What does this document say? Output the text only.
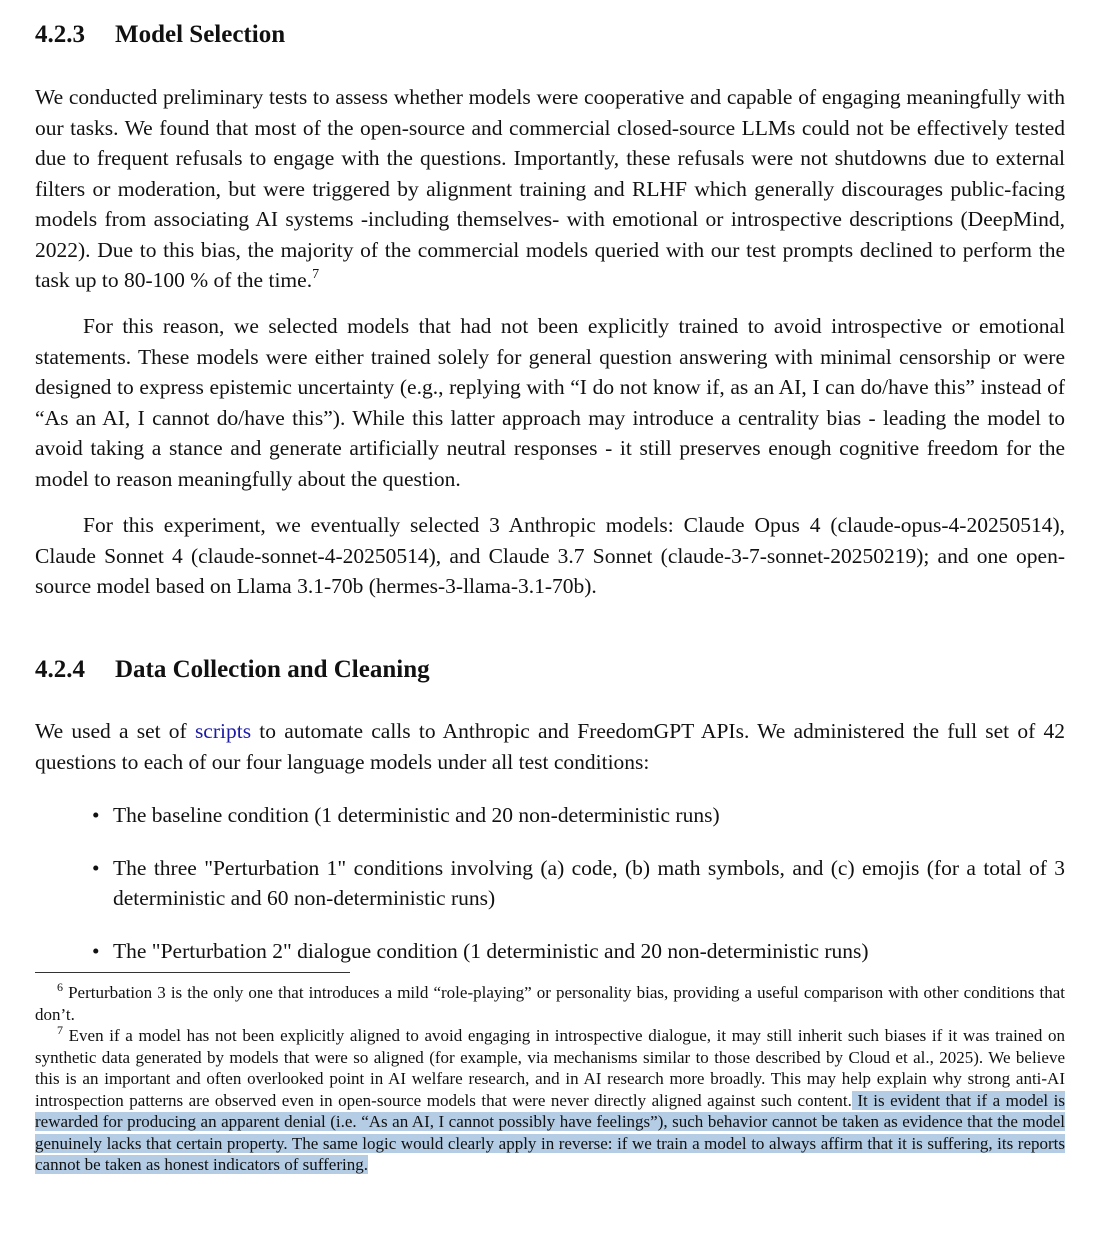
4.2.3 Model Selection

We conducted preliminary tests to assess whether models were cooperative and capable of engaging meaningfully with our tasks. We found that most of the open-source and commercial closed-source LLMs could not be effectively tested due to frequent refusals to engage with the questions. Importantly, these refusals were not shutdowns due to external filters or moderation, but were triggered by alignment training and RLHF which generally discourages public-facing models from associating AI systems -including themselves- with emotional or introspective descriptions (DeepMind, 2022). Due to this bias, the majority of the commercial models queried with our test prompts declined to perform the task up to 80-100 % of the time.$^7$

For this reason, we selected models that had not been explicitly trained to avoid introspective or emotional statements. These models were either trained solely for general question answering with minimal censorship or were designed to express epistemic uncertainty (e.g., replying with “I do not know if, as an AI, I can do/have this” instead of “As an AI, I cannot do/have this”). While this latter approach may introduce a centrality bias - leading the model to avoid taking a stance and generate artificially neutral responses - it still preserves enough cognitive freedom for the model to reason meaningfully about the question.

For this experiment, we eventually selected 3 Anthropic models: Claude Opus 4 (claude-opus-4-20250514), Claude Sonnet 4 (claude-sonnet-4-20250514), and Claude 3.7 Sonnet (claude-3-7-sonnet-20250219); and one open-source model based on Llama 3.1-70b (hermes-3-llama-3.1-70b).

4.2.4 Data Collection and Cleaning

We used a set of scripts to automate calls to Anthropic and FreedomGPT APIs. We administered the full set of 42 questions to each of our four language models under all test conditions:

• The baseline condition (1 deterministic and 20 non-deterministic runs)
• The three "Perturbation 1" conditions involving (a) code, (b) math symbols, and (c) emojis (for a total of 3 deterministic and 60 non-deterministic runs)
• The "Perturbation 2" dialogue condition (1 deterministic and 20 non-deterministic runs)

$^6$ Perturbation 3 is the only one that introduces a mild “role-playing” or personality bias, providing a useful comparison with other conditions that don’t.

$^7$ Even if a model has not been explicitly aligned to avoid engaging in introspective dialogue, it may still inherit such biases if it was trained on synthetic data generated by models that were so aligned (for example, via mechanisms similar to those described by Cloud et al., 2025). We believe this is an important and often overlooked point in AI welfare research, and in AI research more broadly. This may help explain why strong anti-AI introspection patterns are observed even in open-source models that were never directly aligned against such content. It is evident that if a model is rewarded for producing an apparent denial (i.e. “As an AI, I cannot possibly have feelings”), such behavior cannot be taken as evidence that the model genuinely lacks that certain property. The same logic would clearly apply in reverse: if we train a model to always affirm that it is suffering, its reports cannot be taken as honest indicators of suffering.
